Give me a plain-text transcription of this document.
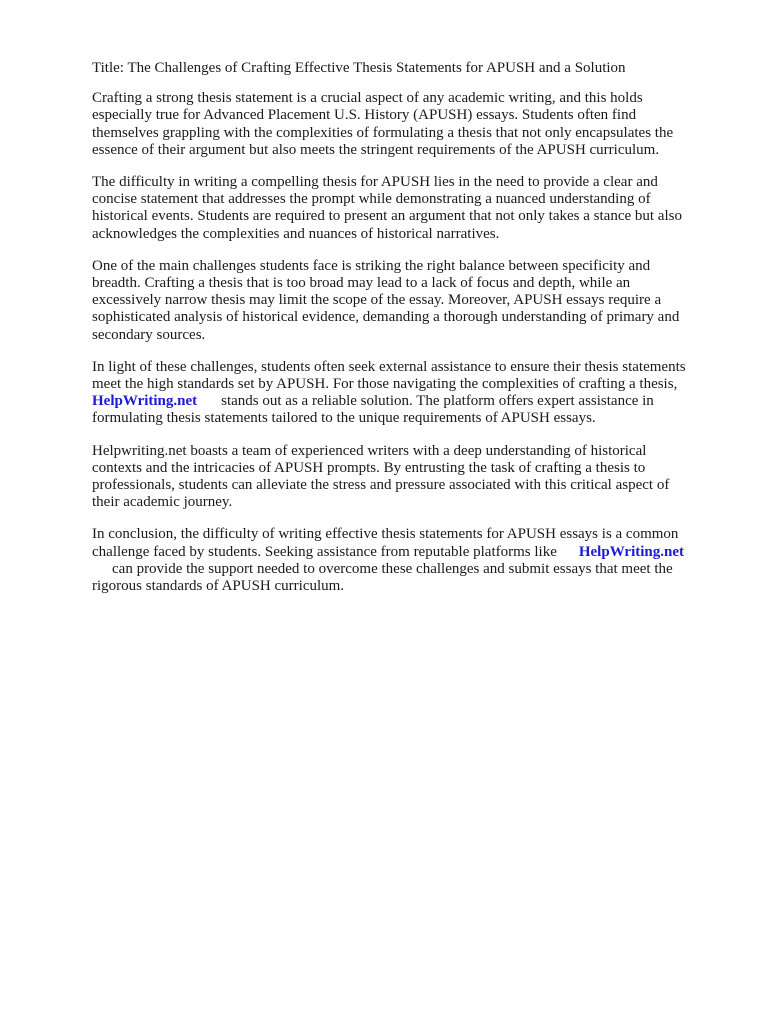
Title: The Challenges of Crafting Effective Thesis Statements for APUSH and a Solution

Crafting a strong thesis statement is a crucial aspect of any academic writing, and this holds
especially true for Advanced Placement U.S. History (APUSH) essays. Students often find
themselves grappling with the complexities of formulating a thesis that not only encapsulates the
essence of their argument but also meets the stringent requirements of the APUSH curriculum.
The difficulty in writing a compelling thesis for APUSH lies in the need to provide a clear and
concise statement that addresses the prompt while demonstrating a nuanced understanding of
historical events. Students are required to present an argument that not only takes a stance but also
acknowledges the complexities and nuances of historical narratives.
One of the main challenges students face is striking the right balance between specificity and
breadth. Crafting a thesis that is too broad may lead to a lack of focus and depth, while an
excessively narrow thesis may limit the scope of the essay. Moreover, APUSH essays require a
sophisticated analysis of historical evidence, demanding a thorough understanding of primary and
secondary sources.
In light of these challenges, students often seek external assistance to ensure their thesis statements
meet the high standards set by APUSH. For those navigating the complexities of crafting a thesis,
HelpWriting.net stands out as a reliable solution. The platform offers expert assistance in
formulating thesis statements tailored to the unique requirements of APUSH essays.
Helpwriting.net boasts a team of experienced writers with a deep understanding of historical
contexts and the intricacies of APUSH prompts. By entrusting the task of crafting a thesis to
professionals, students can alleviate the stress and pressure associated with this critical aspect of
their academic journey.
In conclusion, the difficulty of writing effective thesis statements for APUSH essays is a common
challenge faced by students. Seeking assistance from reputable platforms like HelpWriting.net
can provide the support needed to overcome these challenges and submit essays that meet the
rigorous standards of APUSH curriculum.
